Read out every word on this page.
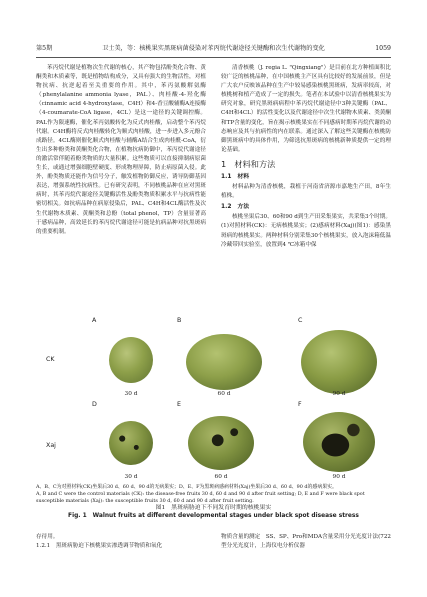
第5期	卫士美，等：核桃果实黑斑病菌侵染对苯丙烷代谢途径关键酶和次生代谢物的变化	1059

苯丙烷代谢是植物次生代谢的核心，其产物包括酚类化合物、黄酮类和木质素等，既是植物结构成分，又具有强大的生物活性，对植物抗病、抗逆起着至关重要的作用。其中，苯丙氨酸解氨酶（phenylalanine ammonia lyase，PAL）、肉桂酸-4-羟化酶（cinnamic acid 4-hydroxylase，C4H）和4-香豆酸辅酶A连接酶（4-coumarate-CoA ligase，4CL）是这一途径的关键调控酶。PAL作为限速酶，催化苯丙氨酸转化为反式肉桂酸，启动整个苯丙烷代谢。C4H酶将反式肉桂酸转化为顺式肉桂酸，进一步进入多元酚合成路径。4CL酶则催化顺式肉桂酸与辅酶A结合生成肉桂酰-CoA，衍生出多种酚类和黄酮类化合物，在植物抗病防御中，苯丙烷代谢途径的激活常伴随着酚类物质的大量积累。这些物质可以直接抑制病原菌生长，或通过增强细胞壁硬度、形成物理屏障，防止病原菌入侵。此外，酚类物质还能作为信号分子，触发植物防御反应，诱导防御基因表达，增强系统性抗病性。已有研究表明，不同核桃品种在应对黑斑病时，其苯丙烷代谢途径关键酶活性及酚类物质积累水平与抗病性能密切相关。如抗病品种在病原侵染后，PAL、C4H和4CL酶活性及次生代谢物木质素、黄酮类和总酚（total phenol，TP）含量显著高于感病品种，高效延长的苯丙烷代谢途径可能是抗病品种对抗黑斑病的重要机制。

清香核桃（J. regia L. "Qingxiang"）是目前在北方种植面积比较广泛的核桃品种，在中国核桃主产区具有比较好的发展前景，但是广大农户反映该品种在生产中较易感染核桃黑斑病，发病率较高，对核桃树和植产造成了一定的损失。笔者在本试验中以清香核桃果实为研究对象，研究黑斑病病程中苯丙烷代谢途径中3种关键酶（PAL、C4H和4CL）的活性变化以及代谢途径中次生代谢物木质素、类黄酮和TP含量的变化，旨在揭示核桃果实在不同感病时期苯丙烷代谢的动态响应及其与抗病性的内在联系。通过深入了解这些关键酶在核桃防御黑斑病中的具体作用，为筛选抗黑斑病的核桃新种质提供一定的理论基础。

1　材料和方法

1.1　材料

材料品种为清香核桃，栽植于河南省济源市嘉地生产田，8年生植株。

1.2　方法

核桃坐果后30、60和90 d到生产田采集果实，共采集3个时期。(1)对照材料(CK)：无病核桃果实；(2)感病材料(Xaj)(图1)：感染黑斑病的核桃果实。两种材料分别采集30个核桃果实，放入泡沫箱低温冷藏带回实验室，放置到4 ℃冰箱中保

CK
Xaj
A	B	C
D	E	F
30 d	60 d	90 d
30 d	60 d	90 d
A、B、C为对照材料(CK)坐果后30 d、60 d、90 d的无病果实；D、E、F为黑斑病感病材料(Xaj)坐果后30 d、60 d、90 d的感病果实。
A, B and C were the control materials (CK): the disease-free fruits 30 d, 60 d and 90 d after fruit setting; D, E and F were black spot susceptible materials (Xaj): the susceptible fruits 30 d, 60 d and 90 d after fruit setting.
图1　黑斑病胁迫下不同发育时期的核桃果实
Fig. 1　Walnut fruits at different developmental stages under black spot disease stress

存待用。

1.2.1　黑斑病胁迫下核桃果实渗透调节物质和氧化

物质含量的测定　SS、SP、Pro和MDA含量采用分光光度计法(722型分光光度计，上海仪电分析仪器
